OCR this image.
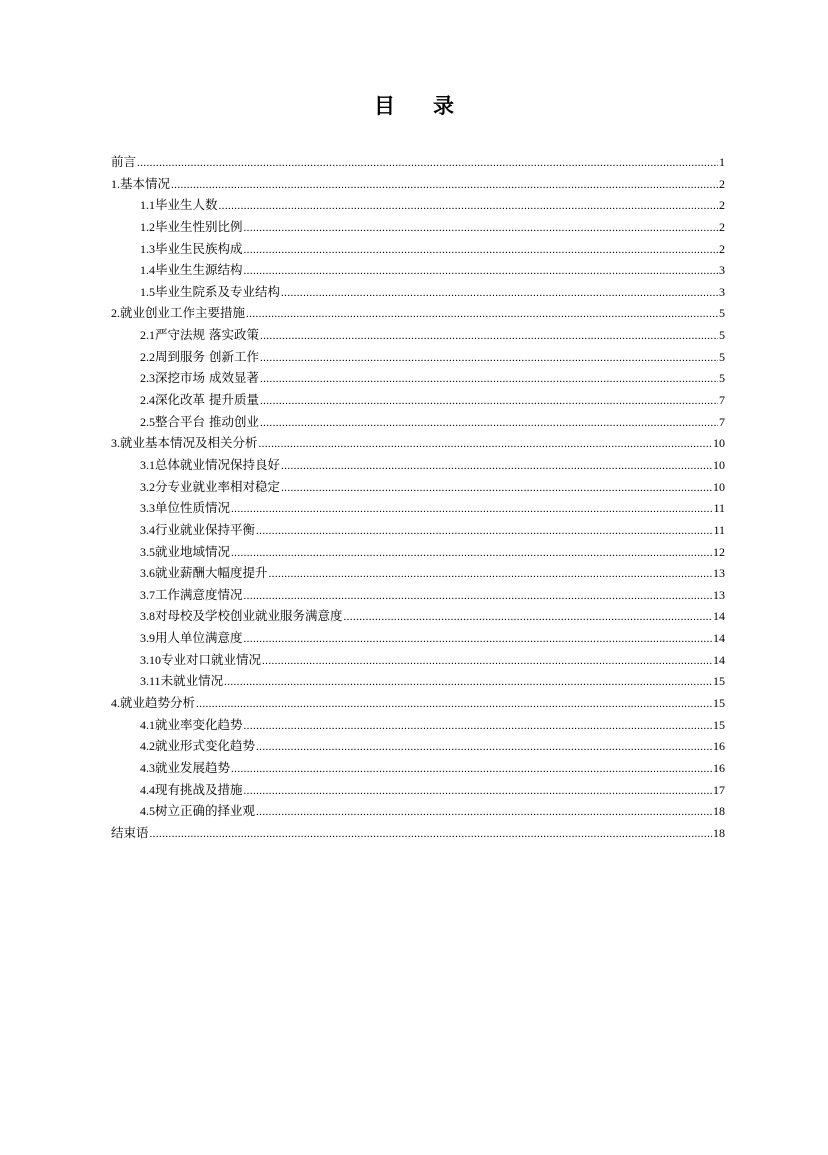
目 录
前言 .....	1
1. 基本情况 .....	2
1.1 毕业生人数 .....	2
1.2 毕业生性别比例 .....	2
1.3 毕业生民族构成 .....	2
1.4 毕业生生源结构 .....	3
1.5 毕业生院系及专业结构 .....	3
2. 就业创业工作主要措施 .....	5
2.1 严守法规 落实政策 .....	5
2.2 周到服务 创新工作 .....	5
2.3 深挖市场 成效显著 .....	5
2.4 深化改革 提升质量 .....	7
2.5 整合平台 推动创业 .....	7
3. 就业基本情况及相关分析 .....	10
3.1 总体就业情况保持良好 .....	10
3.2 分专业就业率相对稳定 .....	10
3.3 单位性质情况 .....	11
3.4 行业就业保持平衡 .....	11
3.5 就业地域情况 .....	12
3.6 就业薪酬大幅度提升 .....	13
3.7 工作满意度情况 .....	13
3.8 对母校及学校创业就业服务满意度 .....	14
3.9 用人单位满意度 .....	14
3.10 专业对口就业情况 .....	14
3.11 未就业情况 .....	15
4. 就业趋势分析 .....	15
4.1 就业率变化趋势 .....	15
4.2 就业形式变化趋势 .....	16
4.3 就业发展趋势 .....	16
4.4 现有挑战及措施 .....	17
4.5 树立正确的择业观 .....	18
结束语 .....	18
